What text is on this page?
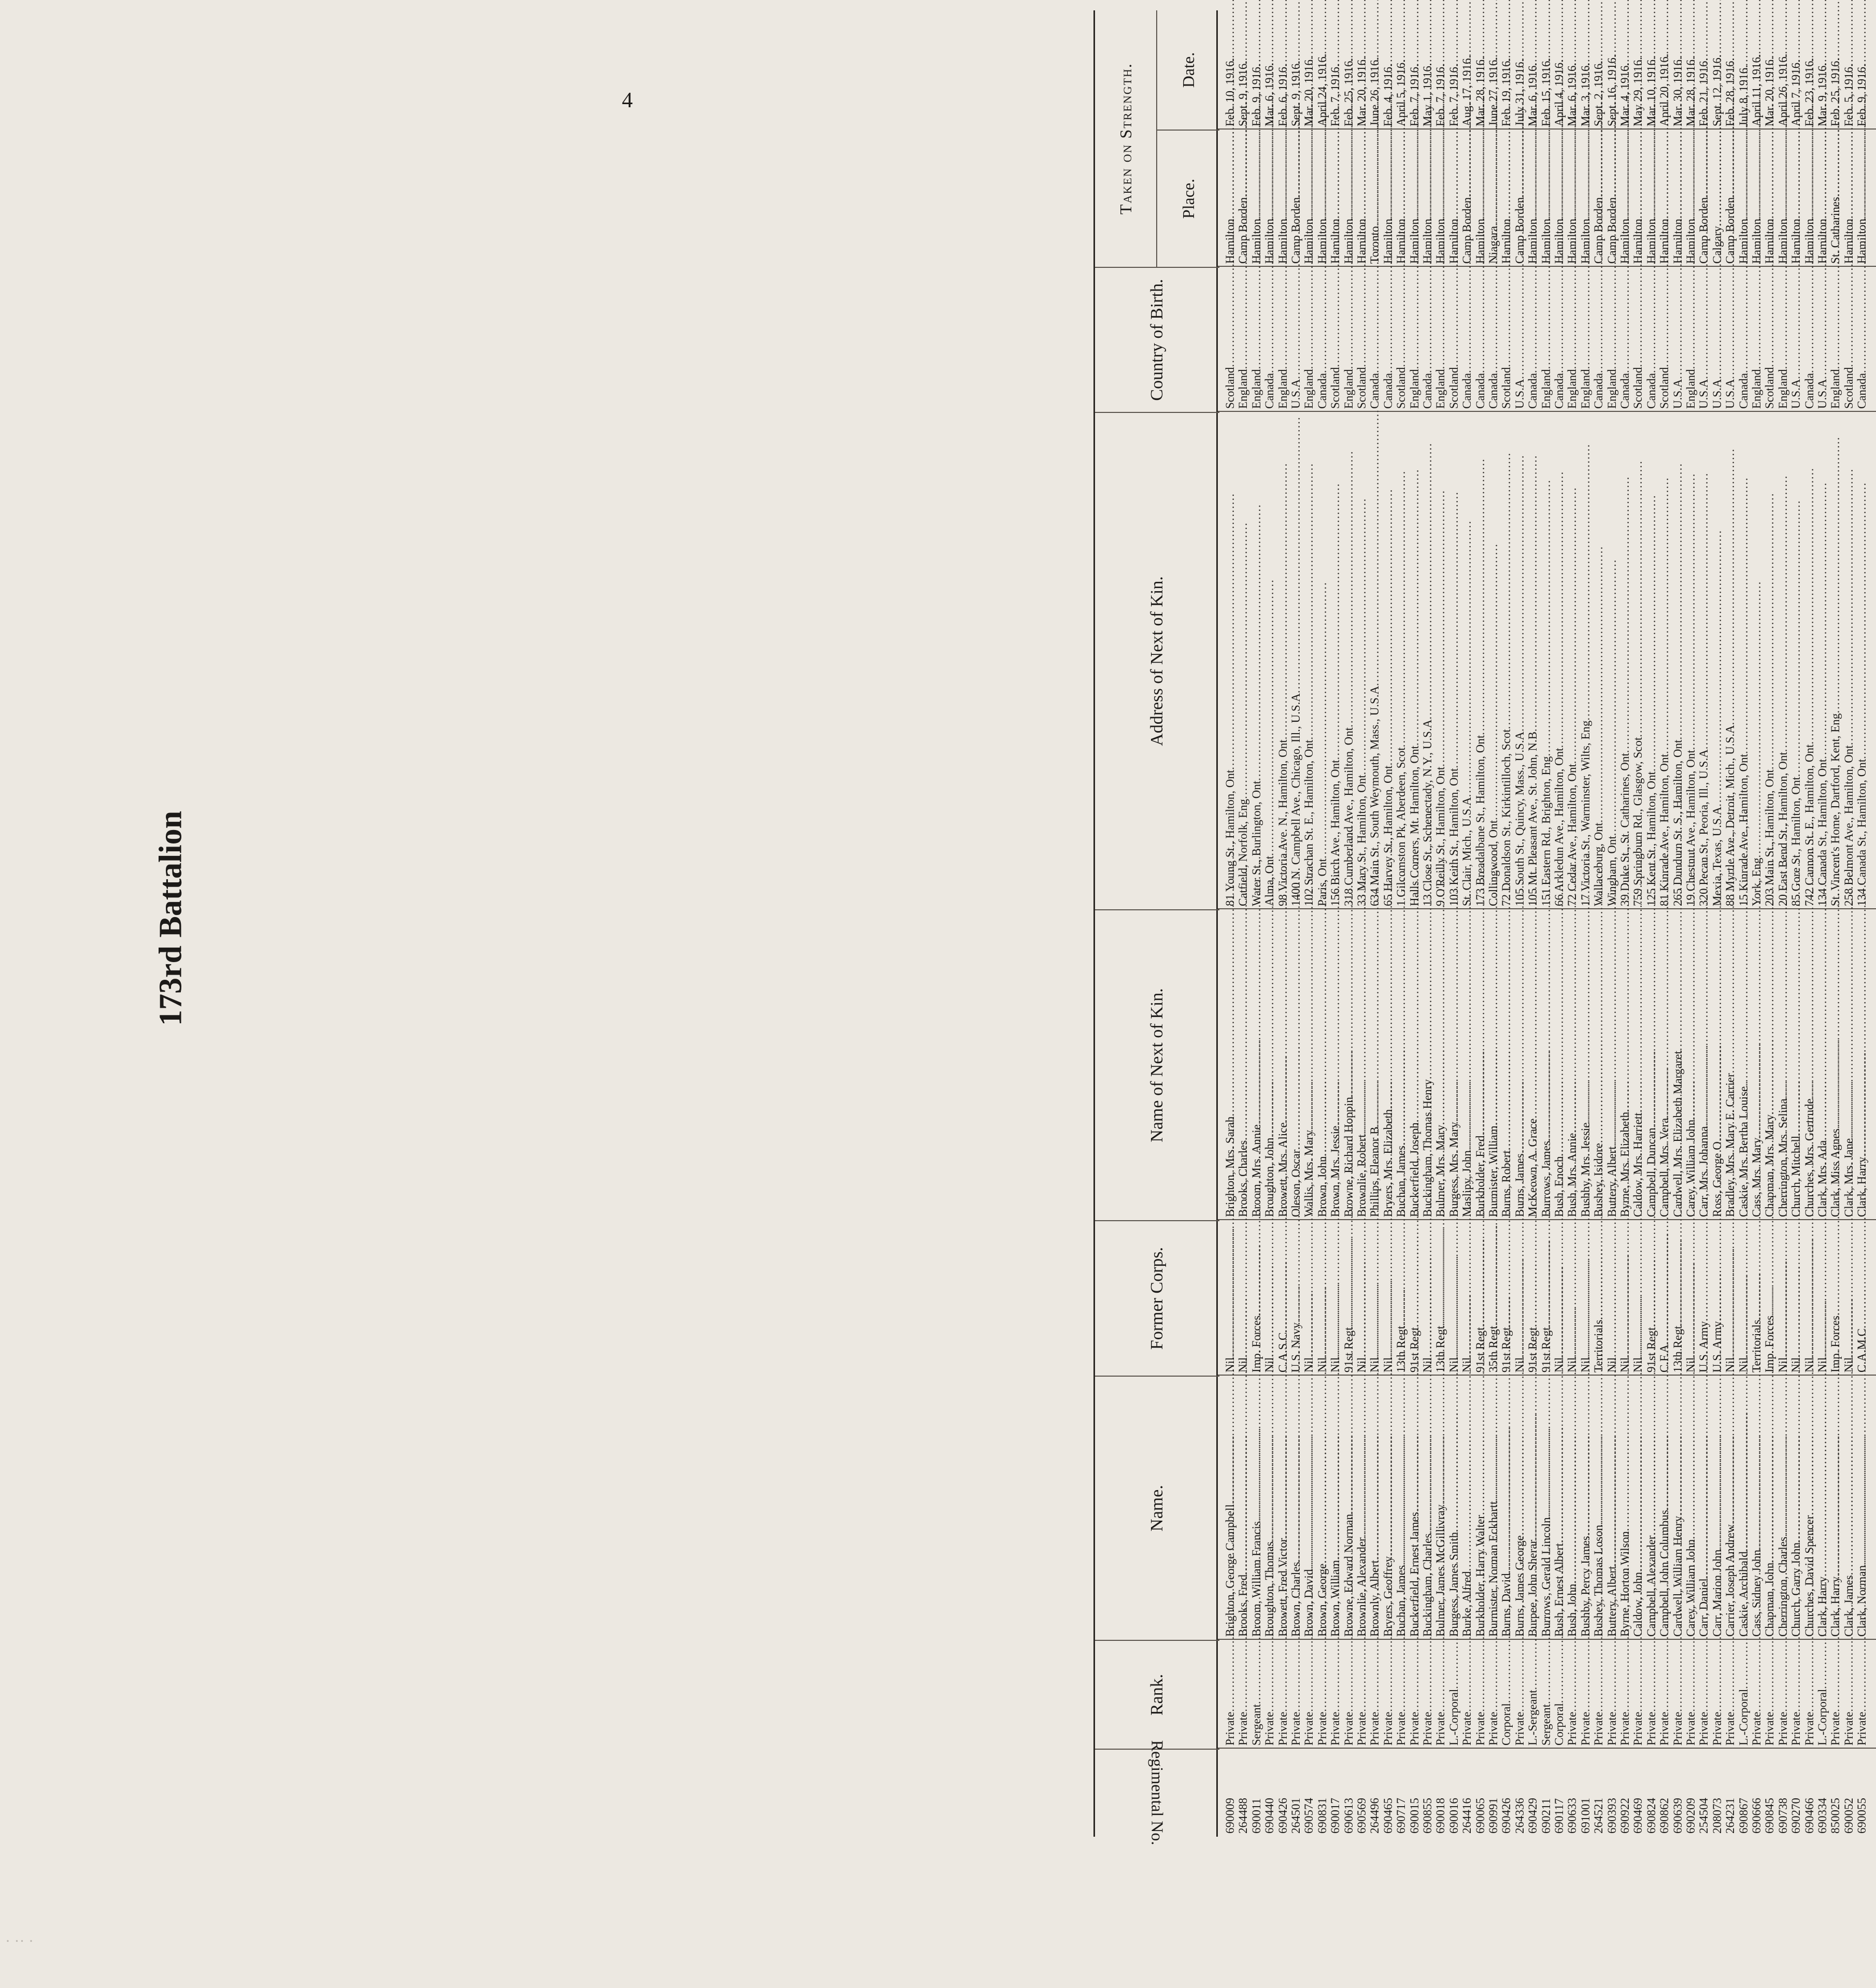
4
173rd Battalion
Regimental No.
Rank.
Name.
Former Corps.
Name of Next of Kin.
Address of Next of Kin.
Country of Birth.
Taken on Strength.	Place.
Date.
690009
Private .....
Brighton, George Campbell .....
Nil .....
Brighton, Mrs. Sarah .....
81 Young St., Hamilton, Ont .....
Scotland .....
Hamilton .....
Feb. 10, 1916.
264488
Private .....
Brooks, Fred .....
Nil .....
Brooks, Charles .....
Catfield, Norfolk, Eng .....
England .....
Camp Borden .....
Sept. 9, 1916.
690011
Sergeant .....
Broom, William Francis .....
Imp. Forces .....
Broom, Mrs. Annie .....
Water St., Burlington, Ont .....
England .....
Hamilton .....
Feb. 9, 1916.
690440
Private .....
Broughton, Thomas .....
Nil .....
Broughton, John .....
Alma, Ont .....
Canada .....
Hamilton .....
Mar. 6, 1916.
690426
Private .....
Browett, Fred Victor .....
C.A.S.C .....
Browett, Mrs. Alice .....
98 Victoria Ave. N., Hamilton, Ont .....
England .....
Hamilton .....
Feb. 6, 1916.
264501
Private .....
Brown, Charles .....
U.S. Navy .....
Oleson, Oscar .....
1400 N. Campbell Ave., Chicago, Ill., U.S.A .....
U.S.A .....
Camp Borden .....
Sept. 9, 1916.
690574
Private .....
Brown, David .....
Nil .....
Wallis, Mrs. Mary .....
102 Strachan St. E., Hamilton, Ont .....
England .....
Hamilton .....
Mar. 20, 1916.
690831
Private .....
Brown, George .....
Nil .....
Brown, John .....
Paris, Ont .....
Canada .....
Hamilton .....
April 24, 1916.
690017
Private .....
Brown, William .....
Nil .....
Brown, Mrs. Jessie .....
156 Birch Ave., Hamilton, Ont .....
Scotland .....
Hamilton .....
Feb. 7, 1916.
690613
Private .....
Browne, Edward Norman .....
91st Regt .....
Browne, Richard Hoppin .....
318 Cumberland Ave., Hamilton, Ont .....
England .....
Hamilton .....
Feb. 25, 1916.
690569
Private .....
Brownlie, Alexander .....
Nil .....
Brownlie, Robert .....
33 Mary St., Hamilton, Ont .....
Scotland .....
Hamilton .....
Mar. 20, 1916.
264496
Private .....
Brownly, Albert .....
Nil .....
Phillips, Eleanor B .....
634 Main St., South Weymouth, Mass., U.S.A .....
Canada .....
Toronto .....
June 26, 1916.
690465
Private .....
Bryers, Geoffrey .....
Nil .....
Bryers, Mrs. Elizabeth .....
65 Harvey St., Hamilton, Ont .....
Canada .....
Hamilton .....
Feb. 4, 1916.
690717
Private .....
Buchan, James .....
13th Regt .....
Buchan, James .....
1 Gilcomston Pk, Aberdeen, Scot .....
Scotland .....
Hamilton .....
April 5, 1916.
690015
Private .....
Buckerfield, Ernest James .....
91st Regt .....
Buckerfield, Joseph .....
Halls Corners, Mt. Hamilton, Ont .....
England .....
Hamilton .....
Feb. 7, 1916.
690855
Private .....
Buckingham, Charles .....
Nil .....
Buckingham, Thomas Henry .....
13 Close St., Schenectady, N.Y., U.S.A .....
Canada .....
Hamilton .....
May 1, 1916.
690018
Private .....
Bulmer, James McGillivray .....
13th Regt .....
Bulmer, Mrs. Mary .....
9 O'Reilly St., Hamilton, Ont .....
England .....
Hamilton .....
Feb. 7, 1916.
690016
L.-Corporal .....
Burgess, James Smith .....
Nil .....
Burgess, Mrs. Mary .....
103 Keith St., Hamilton, Ont .....
Scotland .....
Hamilton .....
Feb. 7, 1916.
264416
Private .....
Burke, Alfred .....
Nil .....
Maslipy, John .....
St. Clair, Mich., U.S.A .....
Canada .....
Camp Borden .....
Aug. 17, 1916.
690065
Private .....
Burkholder, Harry Walter .....
91st Regt .....
Burkholder, Fred .....
173 Breadalbane St., Hamilton, Ont .....
Canada .....
Hamilton .....
Mar. 28, 1916.
690991
Private .....
Burmister, Norman Eckhartt .....
35th Regt .....
Burmister, William .....
Collingwood, Ont .....
Canada .....
Niagara .....
June 27, 1916.
690426
Corporal .....
Burns, David .....
91st Regt .....
Burns, Robert .....
72 Donaldson St., Kirkintilloch, Scot .....
Scotland .....
Hamilton .....
Feb. 19, 1916.
264336
Private .....
Burns, James George .....
Nil .....
Burns, James .....
105 South St., Quincy, Mass., U.S.A .....
U.S.A .....
Camp Borden .....
July 31, 1916.
690429
L.-Sergeant .....
Burpee, John Sherar .....
91st Regt .....
McKeown, A. Grace .....
105 Mt. Pleasant Ave., St. John, N.B .....
Canada .....
Hamilton .....
Mar. 6, 1916.
690211
Sergeant .....
Burrows, Gerald Lincoln .....
91st Regt .....
Burrows, James .....
151 Eastern Rd., Brighton, Eng .....
England .....
Hamilton .....
Feb. 15, 1916.
690117
Corporal .....
Bush, Ernest Albert .....
Nil .....
Bush, Enoch .....
66 Arkledun Ave., Hamilton, Ont .....
Canada .....
Hamilton .....
April 4, 1916.
690633
Private .....
Bush, John .....
Nil .....
Bush, Mrs. Annie .....
72 Cedar Ave., Hamilton, Ont .....
England .....
Hamilton .....
Mar. 6, 1916.
691001
Private .....
Bushby, Percy James .....
Nil .....
Bushby, Mrs. Jessie .....
17 Victoria St., Warminster, Wilts, Eng .....
England .....
Hamilton .....
Mar. 3, 1916.
264521
Private .....
Bushey, Thomas Loson .....
Territorials .....
Bushey, Isidore .....
Wallaceburg, Ont .....
Canada .....
Camp Borden .....
Sept. 2, 1916.
690393
Private .....
Buttery, Albert .....
Nil .....
Buttery, Albert .....
Wingham, Ont .....
England .....
Camp Borden .....
Sept. 16, 1916.
690922
Private .....
Byrne, Horton Wilson .....
Nil .....
Byrne, Mrs. Elizabeth .....
39 Duke St., St. Catharines, Ont .....
Canada .....
Hamilton .....
Mar. 4, 1916.
690469
Private .....
Caldow, John .....
Nil .....
Caldow, Mrs. Harriett .....
759 Springburn Rd., Glasgow, Scot .....
Scotland .....
Hamilton .....
May 29, 1916.
690824
Private .....
Campbell, Alexander .....
91st Regt .....
Campbell, Duncan .....
125 Kent St., Hamilton, Ont .....
Canada .....
Hamilton .....
Mar. 10, 1916.
690862
Private .....
Campbell, John Columbus .....
C.F.A .....
Campbell, Mrs. Vera .....
81 Kinrade Ave., Hamilton, Ont .....
Scotland .....
Hamilton .....
April 20, 1916.
690639
Private .....
Cardwell, William Henry .....
13th Regt .....
Cardwell, Mrs. Elizabeth Margaret .....
265 Dundurn St. S., Hamilton, Ont .....
U.S.A .....
Hamilton .....
Mar. 30, 1916.
690209
Private .....
Carey, William John .....
Nil .....
Carey, William John .....
19 Chestnut Ave., Hamilton, Ont .....
England .....
Hamilton .....
Mar. 28, 1916.
254504
Private .....
Carr, Daniel .....
U.S. Army .....
Carr, Mrs. Johanna .....
320 Pecan St., Peoria, Ill., U.S.A .....
U.S.A .....
Camp Borden .....
Feb. 21, 1916.
208073
Private .....
Carr, Marion John .....
U.S. Army .....
Ross, George O .....
Mexia, Texas, U.S.A .....
U.S.A .....
Calgary .....
Sept. 12, 1916.
264231
Private .....
Carrier, Joseph Andrew .....
Nil .....
Bradley, Mrs. Mary E. Carrier .....
88 Myrtle Ave., Detroit, Mich., U.S.A .....
U.S.A .....
Camp Borden .....
Feb. 28, 1916.
690867
L.-Corporal .....
Caskie, Archibald .....
Nil .....
Caskie, Mrs. Bertha Louise .....
15 Kinrade Ave., Hamilton, Ont .....
Canada .....
Hamilton .....
July 8, 1916.
690666
Private .....
Cass, Sidney John .....
Territorials .....
Cass, Mrs. Mary .....
York, Eng .....
England .....
Hamilton .....
April 11, 1916.
690845
Private .....
Chapman, John .....
Imp. Forces .....
Chapman, Mrs. Mary .....
203 Main St., Hamilton, Ont .....
Scotland .....
Hamilton .....
Mar. 20, 1916.
690738
Private .....
Cherrington, Charles .....
Nil .....
Cherrington, Mrs. Selina .....
20 East Bend St., Hamilton, Ont .....
England .....
Hamilton .....
April 26, 1916.
690270
Private .....
Church, Garry John .....
Nil .....
Church, Mitchell .....
85 Gore St., Hamilton, Ont .....
U.S.A .....
Hamilton .....
April 7, 1916.
690466
Private .....
Churches, David Spencer .....
Nil .....
Churches, Mrs. Gertrude .....
742 Cannon St. E., Hamilton, Ont .....
Canada .....
Hamilton .....
Feb. 23, 1916.
690334
L.-Corporal .....
Clark, Harry .....
Nil .....
Clark, Mrs. Ada .....
134 Canada St., Hamilton, Ont .....
U.S.A .....
Hamilton .....
Mar. 9, 1916.
850025
Private .....
Clark, Harry .....
Imp. Forces .....
Clark, Miss Agnes .....
St. Vincent's Home, Dartford, Kent, Eng .....
England .....
St. Catharines .....
Feb. 25, 1916.
690052
Private .....
Clark, James .....
Nil .....
Clark, Mrs. Jane .....
258 Belmont Ave., Hamilton, Ont .....
Scotland .....
Hamilton .....
Feb. 5, 1916.
690055
Private .....
Clark, Norman .....
C.A.M.C .....
Clark, Harry .....
134 Canada St., Hamilton, Ont .....
Canada .....
Hamilton .....
Feb. 9, 1916.
· ·· ·
